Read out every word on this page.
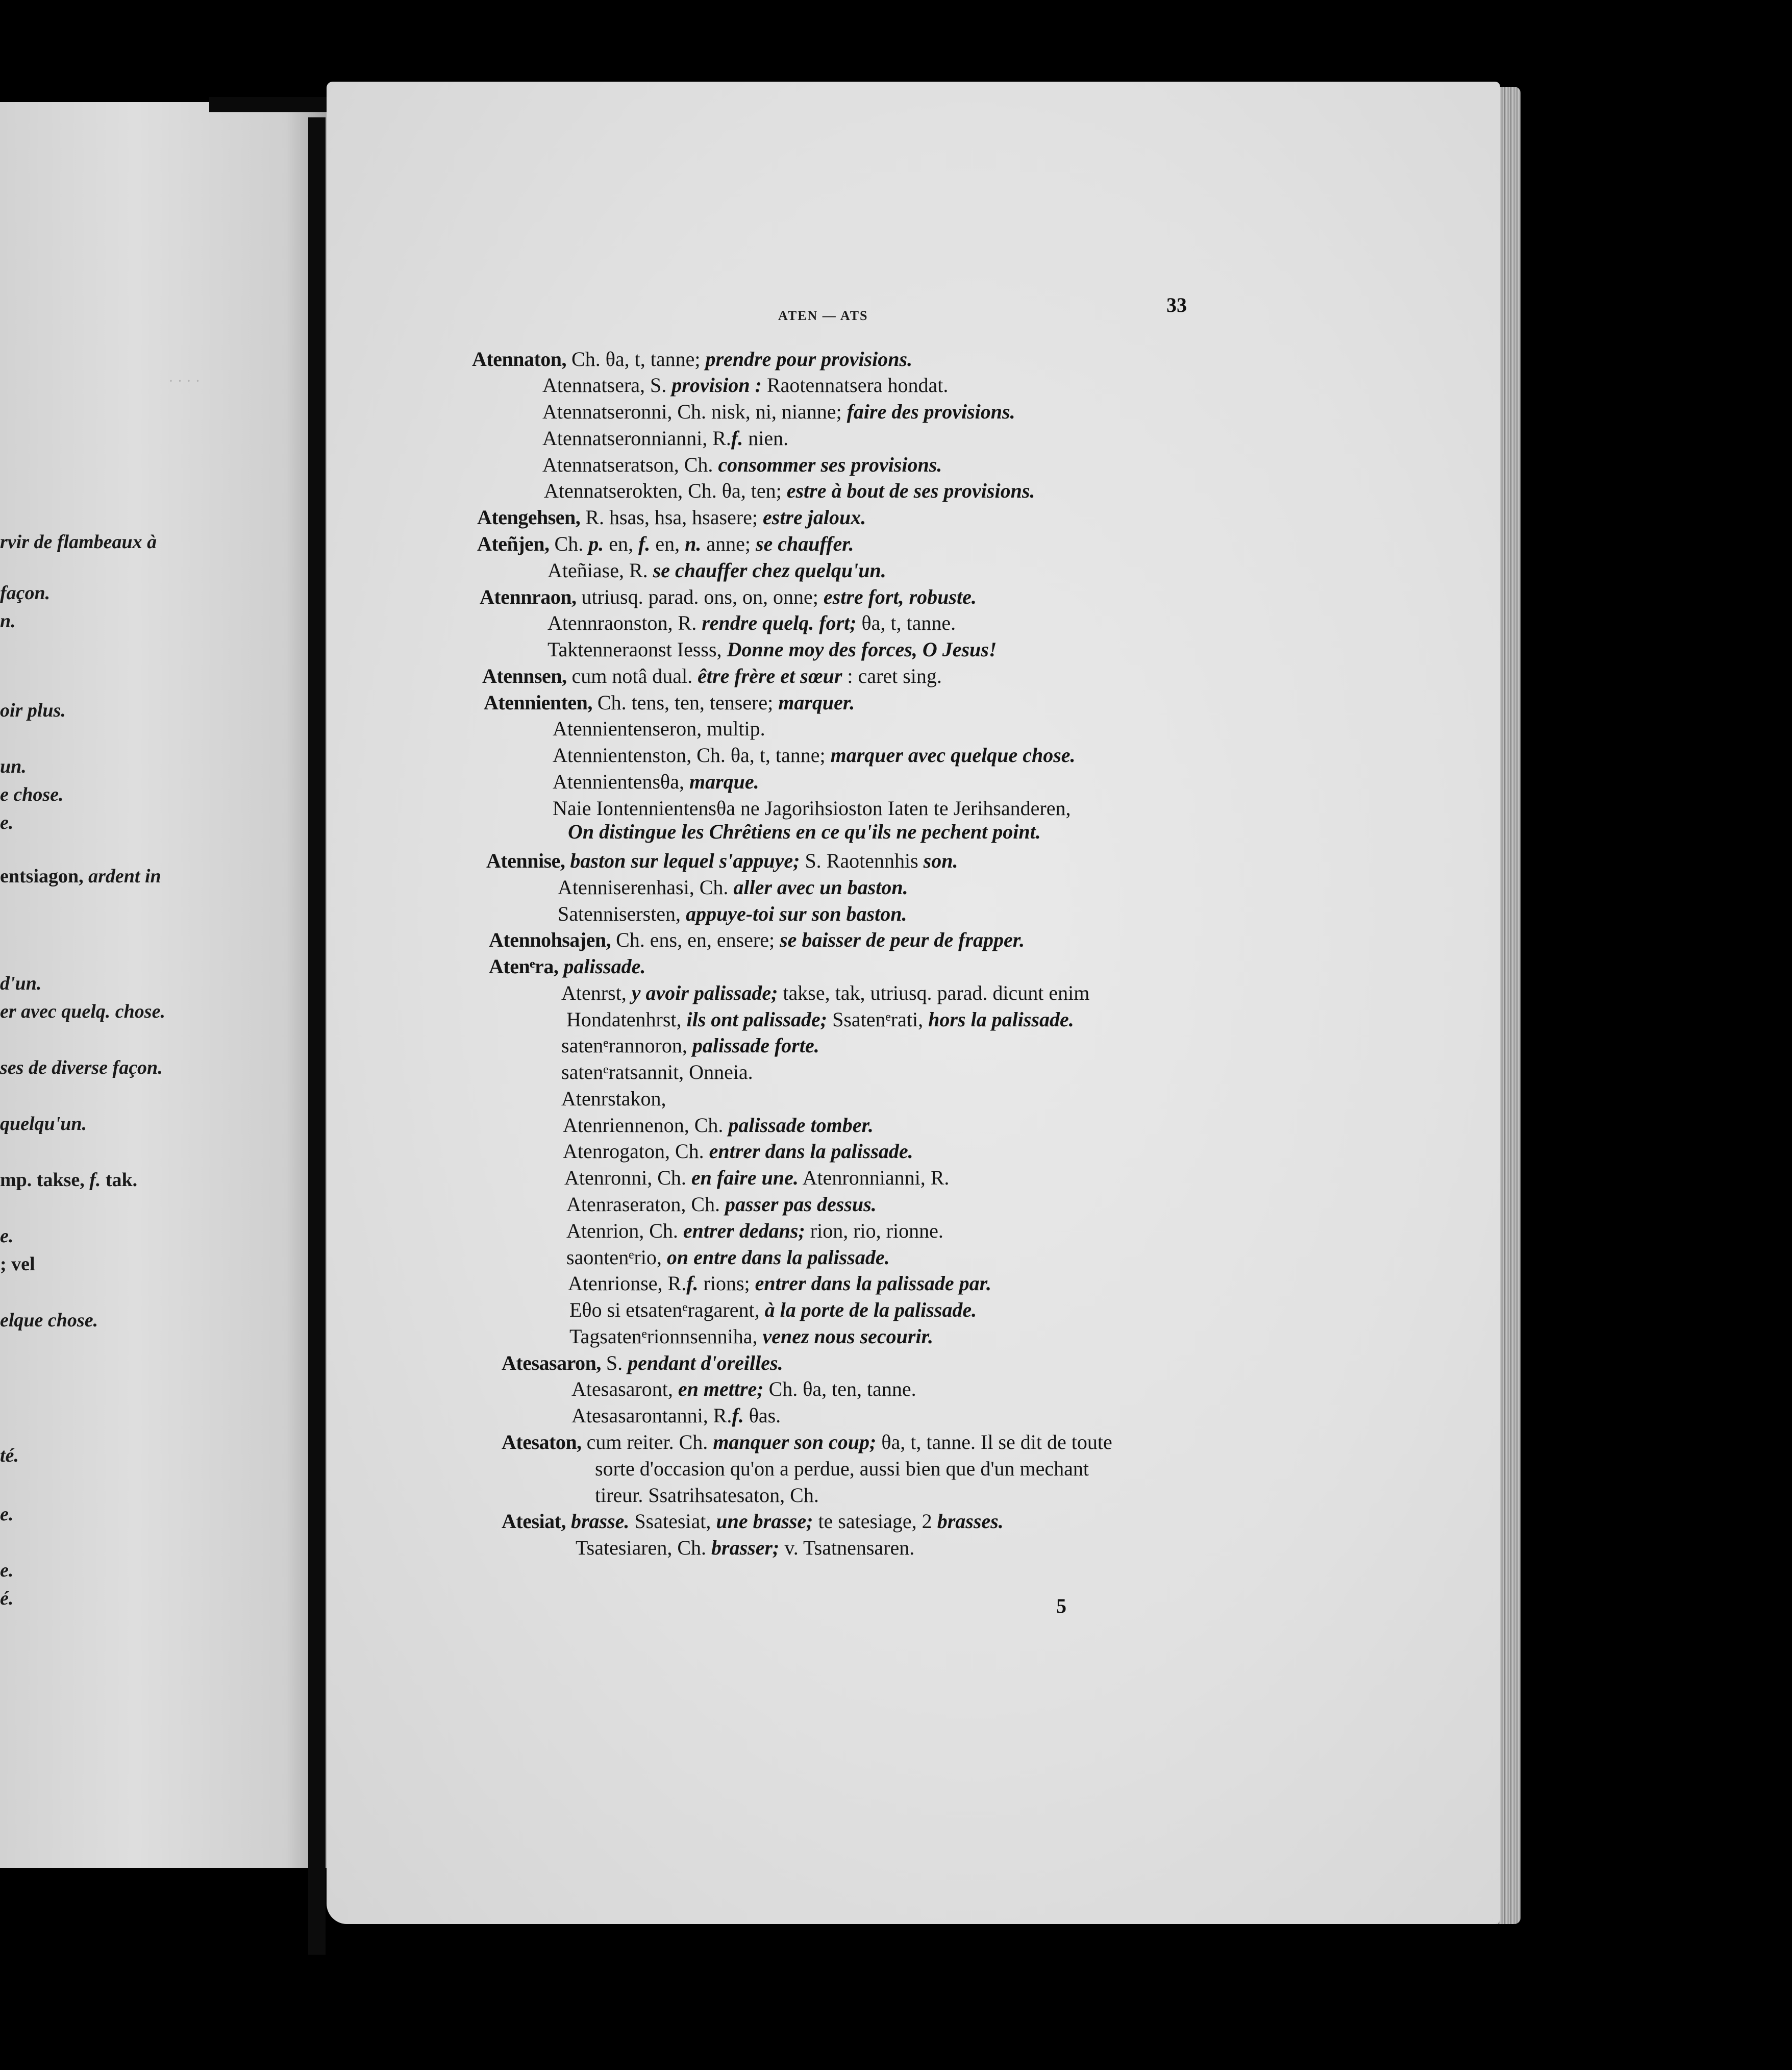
· · · ·
rvir de flambeaux à
façon.
n.
oir plus.
un.
e chose.
e.
entsiagon, ardent in
d'un.
er avec quelq. chose.
ses de diverse façon.
quelqu'un.
mp. takse, f. tak.
e.
; vel
elque chose.
té.
e.
e.
é.
ATEN — ATS	33
Atennaton, Ch. θa, t, tanne; prendre pour provisions.
Atennatsera, S. provision : Raotennatsera hondat.
Atennatseronni, Ch. nisk, ni, nianne; faire des provisions.
Atennatseronnianni, R.f. nien.
Atennatseratson, Ch. consommer ses provisions.
Atennatserokten, Ch. θa, ten; estre à bout de ses provisions.
Atengehsen, R. hsas, hsa, hsasere; estre jaloux.
Ateñjen, Ch. p. en, f. en, n. anne; se chauffer.
Ateñiase, R. se chauffer chez quelqu'un.
Atennraon, utriusq. parad. ons, on, onne; estre fort, robuste.
Atennraonston, R. rendre quelq. fort; θa, t, tanne.
Taktenneraonst Iesss, Donne moy des forces, O Jesus!
Atennsen, cum notâ dual. être frère et sœur : caret sing.
Atennienten, Ch. tens, ten, tensere; marquer.
Atennientenseron, multip.
Atennientenston, Ch. θa, t, tanne; marquer avec quelque chose.
Atennientensθa, marque.
Naie Iontennientensθa ne Jagorihsioston Iaten te Jerihsanderen,
On distingue les Chrêtiens en ce qu'ils ne pechent point.
Atennise, baston sur lequel s'appuye; S. Raotennhis son.
Atenniserenhasi, Ch. aller avec un baston.
Satennisersten, appuye-toi sur son baston.
Atennohsajen, Ch. ens, en, ensere; se baisser de peur de frapper.
Atenᵉra, palissade.
Atenrst, y avoir palissade; takse, tak, utriusq. parad. dicunt enim
Hondatenhrst, ils ont palissade; Ssatenᵉrati, hors la palissade.
satenᵉrannoron, palissade forte.
satenᵉratsannit, Onneia.
Atenrstakon,
Atenriennenon, Ch. palissade tomber.
Atenrogaton, Ch. entrer dans la palissade.
Atenronni, Ch. en faire une. Atenronnianni, R.
Atenraseraton, Ch. passer pas dessus.
Atenrion, Ch. entrer dedans; rion, rio, rionne.
saontenᵉrio, on entre dans la palissade.
Atenrionse, R.f. rions; entrer dans la palissade par.
Eθo si etsatenᵉragarent, à la porte de la palissade.
Tagsatenᵉrionnsenniha, venez nous secourir.
Atesasaron, S. pendant d'oreilles.
Atesasaront, en mettre; Ch. θa, ten, tanne.
Atesasarontanni, R.f. θas.
Atesaton, cum reiter. Ch. manquer son coup; θa, t, tanne. Il se dit de toute
sorte d'occasion qu'on a perdue, aussi bien que d'un mechant
tireur. Ssatrihsatesaton, Ch.
Atesiat, brasse. Ssatesiat, une brasse; te satesiage, 2 brasses.
Tsatesiaren, Ch. brasser; v. Tsatnensaren.
5
